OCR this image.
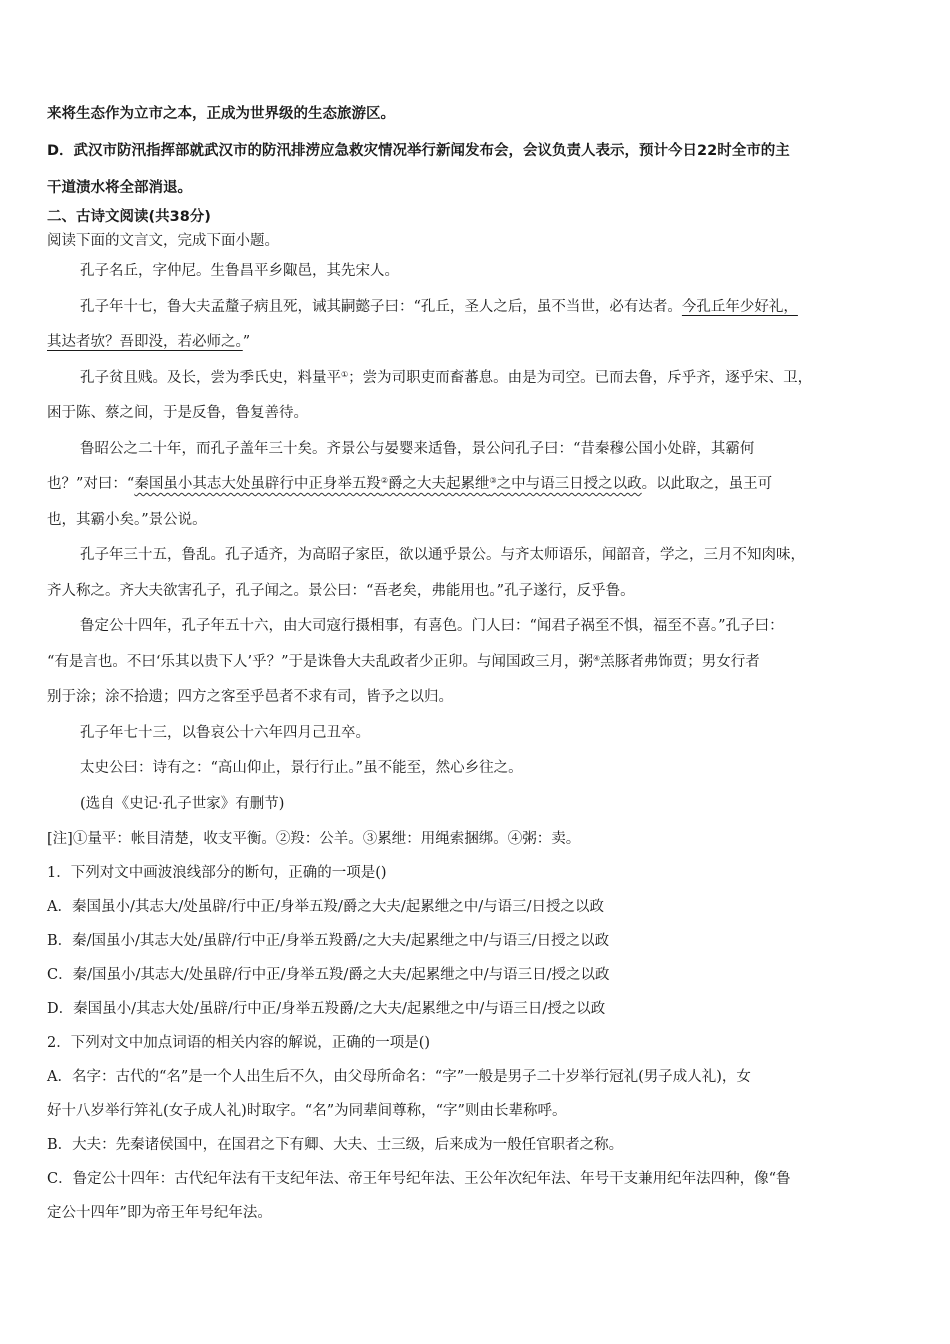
来将生态作为立市之本，正成为世界级的生态旅游区。
D．武汉市防汛指挥部就武汉市的防汛排涝应急救灾情况举行新闻发布会，会议负责人表示，预计今日22时全市的主
干道渍水将全部消退。
二、古诗文阅读(共38分)
阅读下面的文言文，完成下面小题。
孔子名丘，字仲尼。生鲁昌平乡陬邑，其先宋人。
孔子年十七，鲁大夫孟釐子病且死，诫其嗣懿子曰：“孔丘，圣人之后，虽不当世，必有达者。今孔丘年少好礼，
其达者欤？吾即没，若必师之。”
孔子贫且贱。及长，尝为季氏史，料量平①；尝为司职吏而畜蕃息。由是为司空。已而去鲁，斥乎齐，逐乎宋、卫，
困于陈、蔡之间，于是反鲁，鲁复善待。
鲁昭公之二十年，而孔子盖年三十矣。齐景公与晏婴来适鲁，景公问孔子曰：“昔秦穆公国小处辟，其霸何
也？”对曰：“秦国虽小其志大处虽辟行中正身举五羖②爵之大夫起累绁③之中与语三日授之以政。以此取之，虽王可
也，其霸小矣。”景公说。
孔子年三十五，鲁乱。孔子适齐，为高昭子家臣，欲以通乎景公。与齐太师语乐，闻韶音，学之，三月不知肉味，
齐人称之。齐大夫欲害孔子，孔子闻之。景公曰：“吾老矣，弗能用也。”孔子遂行，反乎鲁。
鲁定公十四年，孔子年五十六，由大司寇行摄相事，有喜色。门人曰：“闻君子祸至不惧，福至不喜。”孔子曰：
“有是言也。不曰‘乐其以贵下人’乎？”于是诛鲁大夫乱政者少正卯。与闻国政三月，粥④羔豚者弗饰贾；男女行者
别于涂；涂不拾遗；四方之客至乎邑者不求有司，皆予之以归。
孔子年七十三，以鲁哀公十六年四月己丑卒。
太史公曰：诗有之：“高山仰止，景行行止。”虽不能至，然心乡往之。
(选自《史记·孔子世家》有删节)
[注]①量平：帐目清楚，收支平衡。②羖：公羊。③累绁：用绳索捆绑。④粥：卖。
1．下列对文中画波浪线部分的断句，正确的一项是()
A．秦国虽小/其志大/处虽辟/行中正/身举五羖/爵之大夫/起累绁之中/与语三/日授之以政
B．秦/国虽小/其志大处/虽辟/行中正/身举五羖爵/之大夫/起累绁之中/与语三/日授之以政
C．秦/国虽小/其志大/处虽辟/行中正/身举五羖/爵之大夫/起累绁之中/与语三日/授之以政
D．秦国虽小/其志大处/虽辟/行中正/身举五羖爵/之大夫/起累绁之中/与语三日/授之以政
2．下列对文中加点词语的相关内容的解说，正确的一项是()
A．名字：古代的“名”是一个人出生后不久，由父母所命名：“字”一般是男子二十岁举行冠礼(男子成人礼)，女
好十八岁举行笄礼(女子成人礼)时取字。“名”为同辈间尊称，“字”则由长辈称呼。
B．大夫：先秦诸侯国中，在国君之下有卿、大夫、士三级，后来成为一般任官职者之称。
C．鲁定公十四年：古代纪年法有干支纪年法、帝王年号纪年法、王公年次纪年法、年号干支兼用纪年法四种，像“鲁
定公十四年”即为帝王年号纪年法。
